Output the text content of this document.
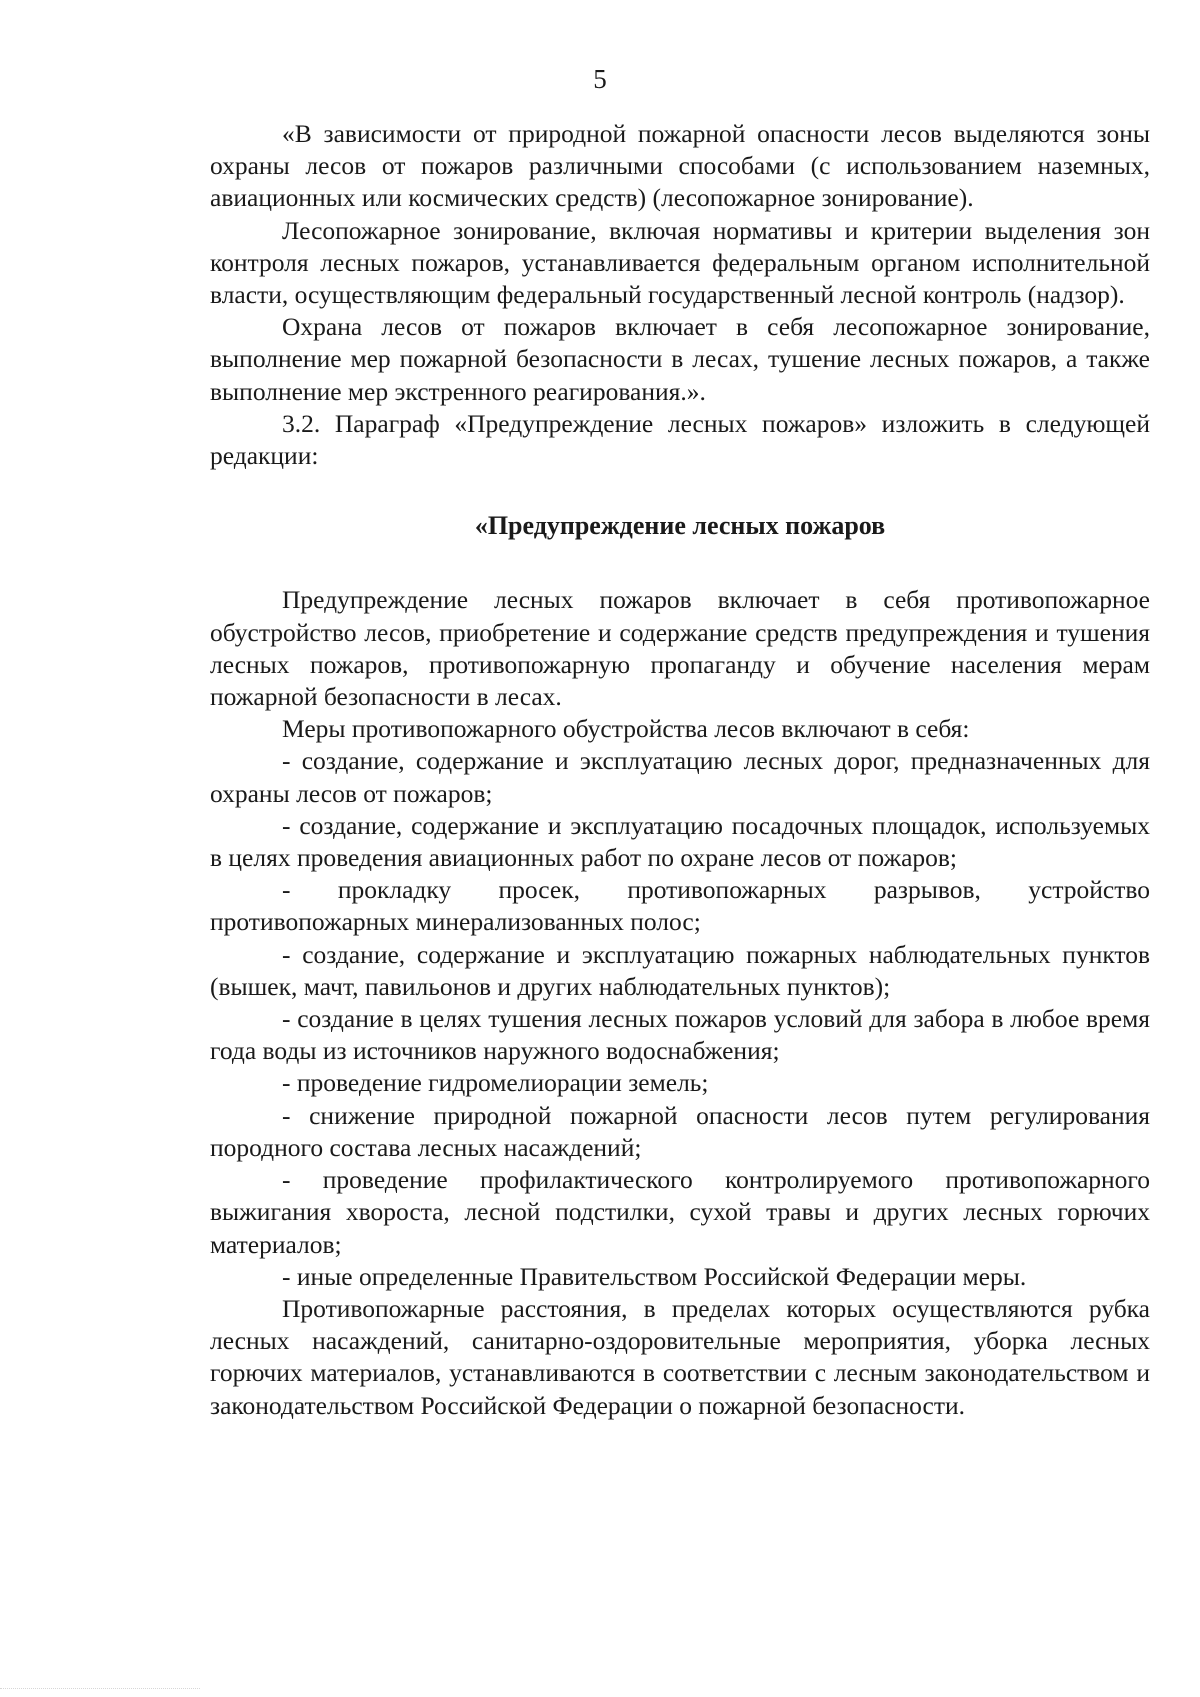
5

«В зависимости от природной пожарной опасности лесов выделяются зоны охраны лесов от пожаров различными способами (с использованием наземных, авиационных или космических средств) (лесопожарное зонирование).

Лесопожарное зонирование, включая нормативы и критерии выделения зон контроля лесных пожаров, устанавливается федеральным органом исполнительной власти, осуществляющим федеральный государственный лесной контроль (надзор).

Охрана лесов от пожаров включает в себя лесопожарное зонирование, выполнение мер пожарной безопасности в лесах, тушение лесных пожаров, а также выполнение мер экстренного реагирования.».

3.2. Параграф «Предупреждение лесных пожаров» изложить в следующей редакции:

«Предупреждение лесных пожаров

Предупреждение лесных пожаров включает в себя противопожарное обустройство лесов, приобретение и содержание средств предупреждения и тушения лесных пожаров, противопожарную пропаганду и обучение населения мерам пожарной безопасности в лесах.

Меры противопожарного обустройства лесов включают в себя:

- создание, содержание и эксплуатацию лесных дорог, предназначенных для охраны лесов от пожаров;

- создание, содержание и эксплуатацию посадочных площадок, используемых в целях проведения авиационных работ по охране лесов от пожаров;

- прокладку просек, противопожарных разрывов, устройство противопожарных минерализованных полос;

- создание, содержание и эксплуатацию пожарных наблюдательных пунктов (вышек, мачт, павильонов и других наблюдательных пунктов);

- создание в целях тушения лесных пожаров условий для забора в любое время года воды из источников наружного водоснабжения;

- проведение гидромелиорации земель;

- снижение природной пожарной опасности лесов путем регулирования породного состава лесных насаждений;

- проведение профилактического контролируемого противопожарного выжигания хвороста, лесной подстилки, сухой травы и других лесных горючих материалов;

- иные определенные Правительством Российской Федерации меры.

Противопожарные расстояния, в пределах которых осуществляются рубка лесных насаждений, санитарно-оздоровительные мероприятия, уборка лесных горючих материалов, устанавливаются в соответствии с лесным законодательством и законодательством Российской Федерации о пожарной безопасности.
